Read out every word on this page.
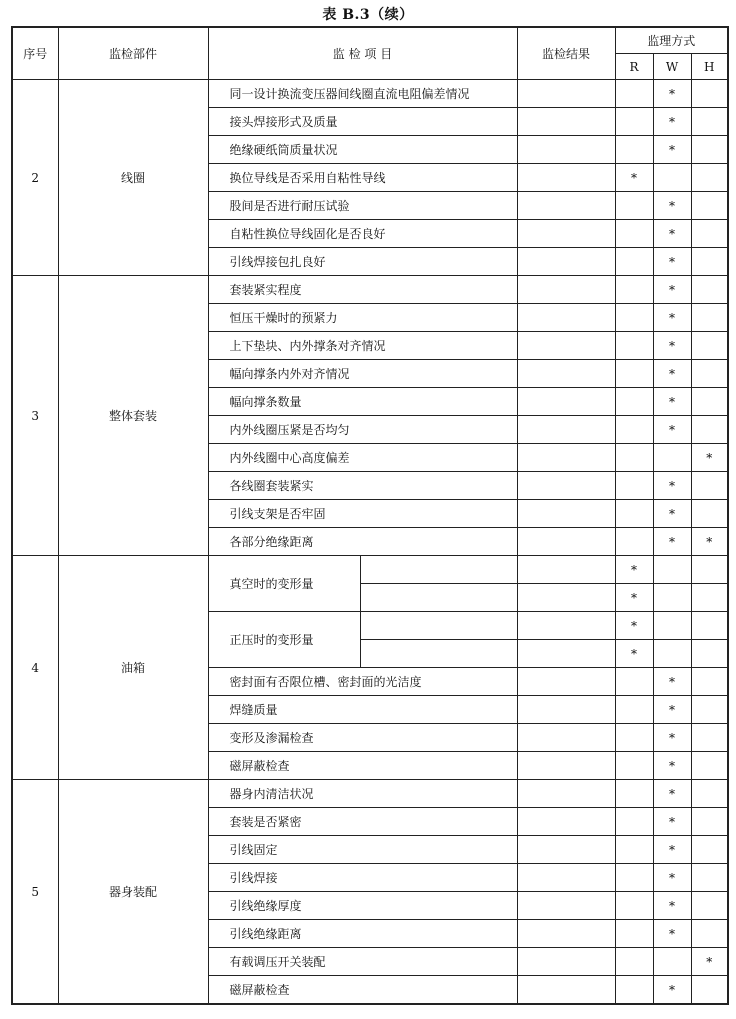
表 B.3（续）
序号	监检部件	监 检 项 目		监检结果	监理方式		
					R	W	H
2	线圈	同一设计换流变压器间线圈直流电阻偏差情况				*	
		接头焊接形式及质量				*	
		绝缘硬纸筒质量状况				*	
		换位导线是否采用自粘性导线			*		
		股间是否进行耐压试验				*	
		自粘性换位导线固化是否良好				*	
		引线焊接包扎良好				*	
3	整体套装	套装紧实程度				*	
		恒压干燥时的预紧力				*	
		上下垫块、内外撑条对齐情况				*	
		幅向撑条内外对齐情况				*	
		幅向撑条数量				*	
		内外线圈压紧是否均匀				*	
		内外线圈中心高度偏差					*
		各线圈套装紧实				*	
		引线支架是否牢固				*	
		各部分绝缘距离				*	*
4	油箱	真空时的变形量			*		
					*		
		正压时的变形量			*		
					*		
		密封面有否限位槽、密封面的光洁度				*	
		焊缝质量				*	
		变形及渗漏检查				*	
		磁屏蔽检查				*	
5	器身装配	器身内清洁状况				*	
		套装是否紧密				*	
		引线固定				*	
		引线焊接				*	
		引线绝缘厚度				*	
		引线绝缘距离				*	
		有载调压开关装配					*
		磁屏蔽检查				*	
